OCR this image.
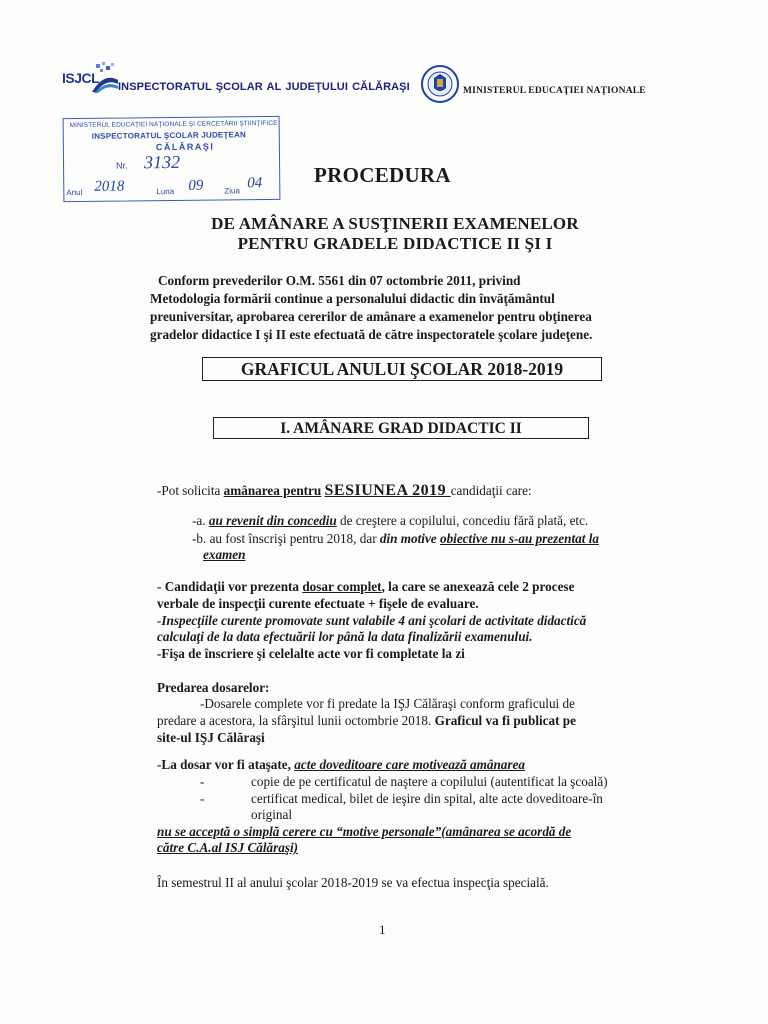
ISJCL
INSPECTORATUL ŞCOLAR AL JUDEŢULUI CĂLĂRAŞI	MINISTERUL EDUCAŢIEI NAŢIONALE
MINISTERUL EDUCAŢIEI NAŢIONALE ŞI CERCETĂRII ŞTIINŢIFICE
INSPECTORATUL ŞCOLAR JUDEŢEAN
CĂLĂRAŞI
Nr. 3132
Anul 2018	Luna 09	Ziua 04 PROCEDURA
DE AMÂNARE A SUSŢINERII EXAMENELOR
PENTRU GRADELE DIDACTICE II ŞI I
Conform prevederilor O.M. 5561 din 07 octombrie 2011, privind
Metodologia formării continue a personalului didactic din învăţământul
preuniversitar, aprobarea cererilor de amânare a examenelor pentru obţinerea
gradelor didactice I şi II este efectuată de către inspectoratele şcolare judeţene.
GRAFICUL ANULUI ŞCOLAR 2018-2019
I. AMÂNARE GRAD DIDACTIC II
-Pot solicita amânarea pentru SESIUNEA 2019 candidaţii care:
-a. au revenit din concediu de creştere a copilului, concediu fără plată, etc.
-b. au fost înscrişi pentru 2018, dar din motive obiective nu s-au prezentat la
examen
- Candidaţii vor prezenta dosar complet, la care se anexează cele 2 procese
verbale de inspecţii curente efectuate + fişele de evaluare.
-Inspecţiile curente promovate sunt valabile 4 ani şcolari de activitate didactică
calculaţi de la data efectuării lor până la data finalizării examenului.
-Fişa de înscriere şi celelalte acte vor fi completate la zi
Predarea dosarelor:
-Dosarele complete vor fi predate la IŞJ Călăraşi conform graficului de
predare a acestora, la sfârşitul lunii octombrie 2018. Graficul va fi publicat pe
site-ul IŞJ Călăraşi
-La dosar vor fi ataşate, acte doveditoare care motivează amânarea
-	copie de pe certificatul de naştere a copilului (autentificat la şcoală)
-	certificat medical, bilet de ieşire din spital, alte acte doveditoare-în
original
nu se acceptă o simplă cerere cu “motive personale”(amânarea se acordă de
către C.A.al ISJ Călăraşi)
În semestrul II al anului şcolar 2018-2019 se va efectua inspecţia specială.
1
